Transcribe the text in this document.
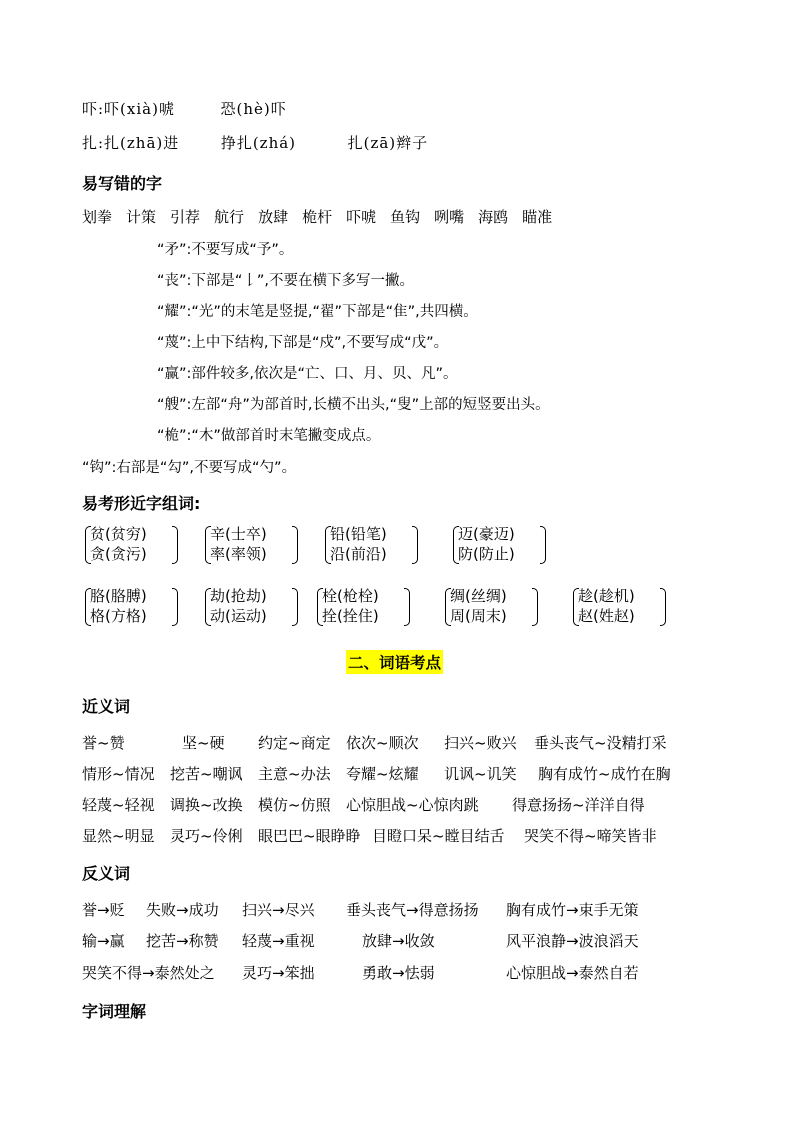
吓:吓(xià)唬	恐(hè)吓
扎:扎(zhā)进	挣扎(zhá)	扎(zā)辫子
易写错的字
划拳 计策 引荐 航行 放肆 桅杆 吓唬 鱼钩 咧嘴 海鸥 瞄准
“矛”:不要写成“予”。
“丧”:下部是“𠄌”,不要在横下多写一撇。
“耀”:“光”的末笔是竖提,“翟”下部是“隹”,共四横。
“蔑”:上中下结构,下部是“戍”,不要写成“戊”。
“赢”:部件较多,依次是“亡、口、月、贝、凡”。
“艘”:左部“舟”为部首时,长横不出头,“叟”上部的短竖要出头。
“桅”:“木”做部首时末笔撇变成点。
“钩”:右部是“勾”,不要写成“勺”。
易考形近字组词:
贫(贫穷)
贪(贪污)
辛(士卒)
率(率领)
铅(铅笔)
沿(前沿)
迈(豪迈)
防(防止)
胳(胳膊)
格(方格)
劫(抢劫)
动(运动)
栓(枪栓)
拴(拴住)
绸(丝绸)
周(周末)
趁(趁机)
赵(姓赵)
二、词语考点
近义词
誉~赞	坚~硬 约定~商定 依次~顺次 扫兴~败兴 垂头丧气~没精打采
情形~情况 挖苦~嘲讽 主意~办法 夸耀~炫耀 讥讽~讥笑 胸有成竹~成竹在胸
轻蔑~轻视 调换~改换 模仿~仿照 心惊胆战~心惊肉跳 得意扬扬~洋洋自得
显然~明显 灵巧~伶俐 眼巴巴~眼睁睁 目瞪口呆~瞠目结舌 哭笑不得~啼笑皆非
反义词
誉→贬 失败→成功 扫兴→尽兴 垂头丧气→得意扬扬 胸有成竹→束手无策
输→赢 挖苦→称赞 轻蔑→重视	放肆→收敛	风平浪静→波浪滔天
哭笑不得→泰然处之 灵巧→笨拙	勇敢→怯弱	心惊胆战→泰然自若
字词理解
